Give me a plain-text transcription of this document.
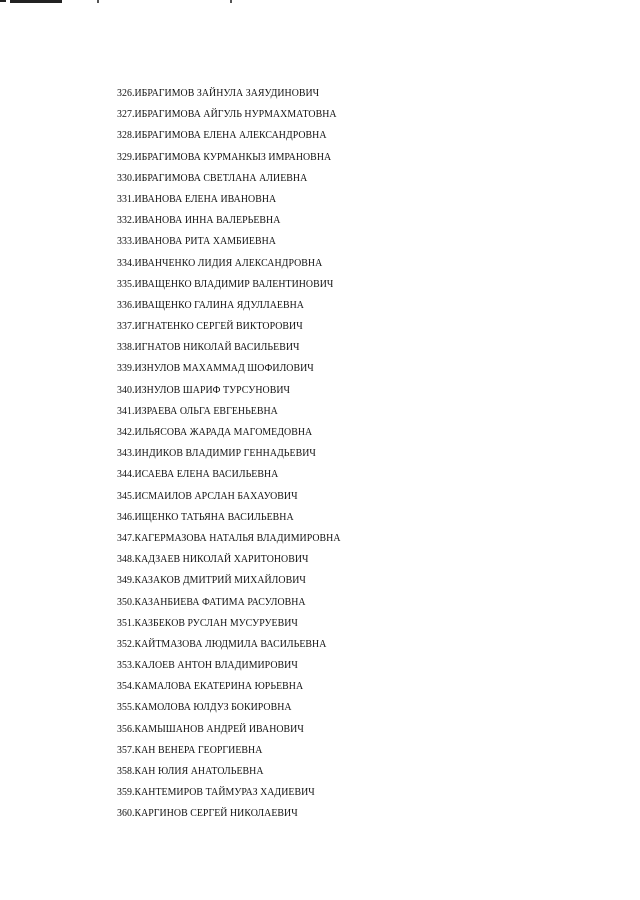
326.ИБРАГИМОВ ЗАЙНУЛА ЗАЯУДИНОВИЧ
327.ИБРАГИМОВА АЙГУЛЬ НУРМАХМАТОВНА
328.ИБРАГИМОВА ЕЛЕНА АЛЕКСАНДРОВНА
329.ИБРАГИМОВА КУРМАНКЫЗ ИМРАНОВНА
330.ИБРАГИМОВА СВЕТЛАНА АЛИЕВНА
331.ИВАНОВА ЕЛЕНА ИВАНОВНА
332.ИВАНОВА ИННА ВАЛЕРЬЕВНА
333.ИВАНОВА РИТА ХАМБИЕВНА
334.ИВАНЧЕНКО ЛИДИЯ АЛЕКСАНДРОВНА
335.ИВАЩЕНКО ВЛАДИМИР ВАЛЕНТИНОВИЧ
336.ИВАЩЕНКО ГАЛИНА ЯДУЛЛАЕВНА
337.ИГНАТЕНКО СЕРГЕЙ ВИКТОРОВИЧ
338.ИГНАТОВ НИКОЛАЙ ВАСИЛЬЕВИЧ
339.ИЗНУЛОВ МАХАММАД ШОФИЛОВИЧ
340.ИЗНУЛОВ ШАРИФ ТУРСУНОВИЧ
341.ИЗРАЕВА ОЛЬГА ЕВГЕНЬЕВНА
342.ИЛЬЯСОВА ЖАРАДА МАГОМЕДОВНА
343.ИНДИКОВ ВЛАДИМИР ГЕННАДЬЕВИЧ
344.ИСАЕВА ЕЛЕНА ВАСИЛЬЕВНА
345.ИСМАИЛОВ АРСЛАН БАХАУОВИЧ
346.ИЩЕНКО ТАТЬЯНА ВАСИЛЬЕВНА
347.КАГЕРМАЗОВА НАТАЛЬЯ ВЛАДИМИРОВНА
348.КАДЗАЕВ НИКОЛАЙ ХАРИТОНОВИЧ
349.КАЗАКОВ ДМИТРИЙ МИХАЙЛОВИЧ
350.КАЗАНБИЕВА ФАТИМА РАСУЛОВНА
351.КАЗБЕКОВ РУСЛАН МУСУРУЕВИЧ
352.КАЙТМАЗОВА ЛЮДМИЛА ВАСИЛЬЕВНА
353.КАЛОЕВ АНТОН ВЛАДИМИРОВИЧ
354.КАМАЛОВА ЕКАТЕРИНА ЮРЬЕВНА
355.КАМОЛОВА ЮЛДУЗ БОКИРОВНА
356.КАМЫШАНОВ АНДРЕЙ ИВАНОВИЧ
357.КАН ВЕНЕРА ГЕОРГИЕВНА
358.КАН ЮЛИЯ АНАТОЛЬЕВНА
359.КАНТЕМИРОВ ТАЙМУРАЗ ХАДИЕВИЧ
360.КАРГИНОВ СЕРГЕЙ НИКОЛАЕВИЧ
